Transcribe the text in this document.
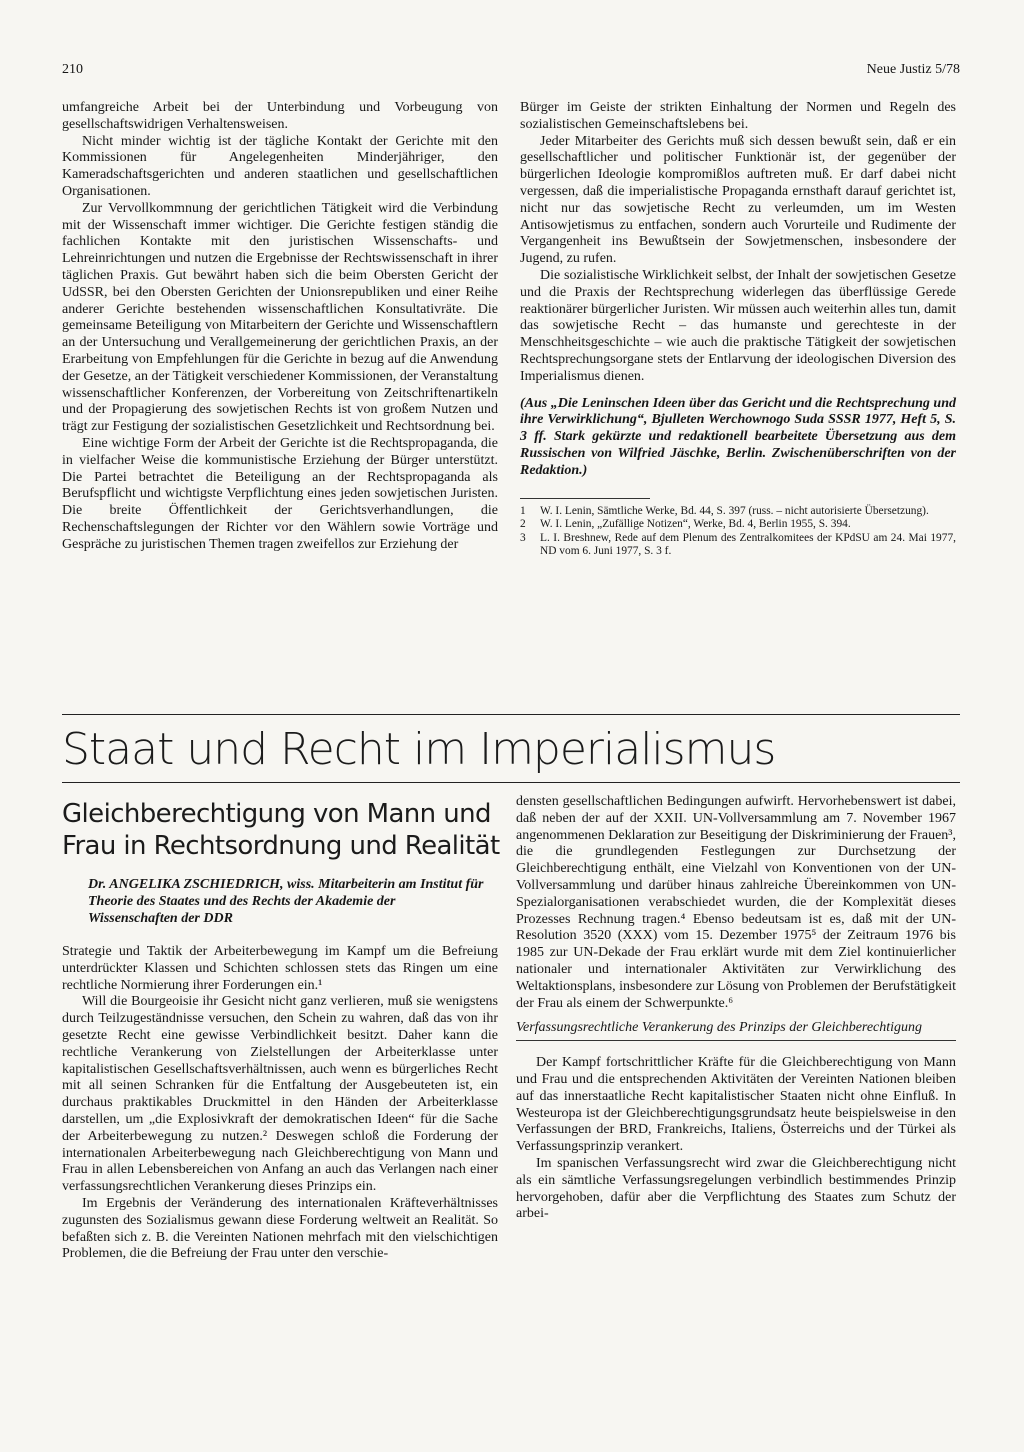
210	Neue Justiz 5/78

umfangreiche Arbeit bei der Unterbindung und Vorbeugung von gesellschaftswidrigen Verhaltensweisen.

Nicht minder wichtig ist der tägliche Kontakt der Gerichte mit den Kommissionen für Angelegenheiten Minderjähriger, den Kameradschaftsgerichten und anderen staatlichen und gesellschaftlichen Organisationen.

Zur Vervollkommnung der gerichtlichen Tätigkeit wird die Verbindung mit der Wissenschaft immer wichtiger. Die Gerichte festigen ständig die fachlichen Kontakte mit den juristischen Wissenschafts- und Lehreinrichtungen und nutzen die Ergebnisse der Rechtswissenschaft in ihrer täglichen Praxis. Gut bewährt haben sich die beim Obersten Gericht der UdSSR, bei den Obersten Gerichten der Unionsrepubliken und einer Reihe anderer Gerichte bestehenden wissenschaftlichen Konsultativräte. Die gemeinsame Beteiligung von Mitarbeitern der Gerichte und Wissenschaftlern an der Untersuchung und Verallgemeinerung der gerichtlichen Praxis, an der Erarbeitung von Empfehlungen für die Gerichte in bezug auf die Anwendung der Gesetze, an der Tätigkeit verschiedener Kommissionen, der Veranstaltung wissenschaftlicher Konferenzen, der Vorbereitung von Zeitschriftenartikeln und der Propagierung des sowjetischen Rechts ist von großem Nutzen und trägt zur Festigung der sozialistischen Gesetzlichkeit und Rechtsordnung bei.

Eine wichtige Form der Arbeit der Gerichte ist die Rechtspropaganda, die in vielfacher Weise die kommunistische Erziehung der Bürger unterstützt. Die Partei betrachtet die Beteiligung an der Rechtspropaganda als Berufspflicht und wichtigste Verpflichtung eines jeden sowjetischen Juristen. Die breite Öffentlichkeit der Gerichtsverhandlungen, die Rechenschaftslegungen der Richter vor den Wählern sowie Vorträge und Gespräche zu juristischen Themen tragen zweifellos zur Erziehung der

Bürger im Geiste der strikten Einhaltung der Normen und Regeln des sozialistischen Gemeinschaftslebens bei.

Jeder Mitarbeiter des Gerichts muß sich dessen bewußt sein, daß er ein gesellschaftlicher und politischer Funktionär ist, der gegenüber der bürgerlichen Ideologie kompromißlos auftreten muß. Er darf dabei nicht vergessen, daß die imperialistische Propaganda ernsthaft darauf gerichtet ist, nicht nur das sowjetische Recht zu verleumden, um im Westen Antisowjetismus zu entfachen, sondern auch Vorurteile und Rudimente der Vergangenheit ins Bewußtsein der Sowjetmenschen, insbesondere der Jugend, zu rufen.

Die sozialistische Wirklichkeit selbst, der Inhalt der sowjetischen Gesetze und die Praxis der Rechtsprechung widerlegen das überflüssige Gerede reaktionärer bürgerlicher Juristen. Wir müssen auch weiterhin alles tun, damit das sowjetische Recht – das humanste und gerechteste in der Menschheitsgeschichte – wie auch die praktische Tätigkeit der sowjetischen Rechtsprechungsorgane stets der Entlarvung der ideologischen Diversion des Imperialismus dienen.

(Aus „Die Leninschen Ideen über das Gericht und die Rechtsprechung und ihre Verwirklichung“, Bjulleten Werchownogo Suda SSSR 1977, Heft 5, S. 3 ff. Stark gekürzte und redaktionell bearbeitete Übersetzung aus dem Russischen von Wilfried Jäschke, Berlin. Zwischenüberschriften von der Redaktion.)

1	W. I. Lenin, Sämtliche Werke, Bd. 44, S. 397 (russ. – nicht autorisierte Übersetzung).
2	W. I. Lenin, „Zufällige Notizen“, Werke, Bd. 4, Berlin 1955, S. 394.
3	L. I. Breshnew, Rede auf dem Plenum des Zentralkomitees der KPdSU am 24. Mai 1977, ND vom 6. Juni 1977, S. 3 f.
Staat und Recht im Imperialismus
Gleichberechtigung von Mann und Frau in Rechtsordnung und Realität
Dr. ANGELIKA ZSCHIEDRICH, wiss. Mitarbeiterin am Institut für Theorie des Staates und des Rechts der Akademie der Wissenschaften der DDR

Strategie und Taktik der Arbeiterbewegung im Kampf um die Befreiung unterdrückter Klassen und Schichten schlossen stets das Ringen um eine rechtliche Normierung ihrer Forderungen ein.¹

Will die Bourgeoisie ihr Gesicht nicht ganz verlieren, muß sie wenigstens durch Teilzugeständnisse versuchen, den Schein zu wahren, daß das von ihr gesetzte Recht eine gewisse Verbindlichkeit besitzt. Daher kann die rechtliche Verankerung von Zielstellungen der Arbeiterklasse unter kapitalistischen Gesellschaftsverhältnissen, auch wenn es bürgerliches Recht mit all seinen Schranken für die Entfaltung der Ausgebeuteten ist, ein durchaus praktikables Druckmittel in den Händen der Arbeiterklasse darstellen, um „die Explosivkraft der demokratischen Ideen“ für die Sache der Arbeiterbewegung zu nutzen.² Deswegen schloß die Forderung der internationalen Arbeiterbewegung nach Gleichberechtigung von Mann und Frau in allen Lebensbereichen von Anfang an auch das Verlangen nach einer verfassungsrechtlichen Verankerung dieses Prinzips ein.

Im Ergebnis der Veränderung des internationalen Kräfteverhältnisses zugunsten des Sozialismus gewann diese Forderung weltweit an Realität. So befaßten sich z. B. die Vereinten Nationen mehrfach mit den vielschichtigen Problemen, die die Befreiung der Frau unter den verschie-

densten gesellschaftlichen Bedingungen aufwirft. Hervorhebenswert ist dabei, daß neben der auf der XXII. UN-Vollversammlung am 7. November 1967 angenommenen Deklaration zur Beseitigung der Diskriminierung der Frauen³, die die grundlegenden Festlegungen zur Durchsetzung der Gleichberechtigung enthält, eine Vielzahl von Konventionen von der UN-Vollversammlung und darüber hinaus zahlreiche Übereinkommen von UN-Spezialorganisationen verabschiedet wurden, die der Komplexität dieses Prozesses Rechnung tragen.⁴ Ebenso bedeutsam ist es, daß mit der UN-Resolution 3520 (XXX) vom 15. Dezember 1975⁵ der Zeitraum 1976 bis 1985 zur UN-Dekade der Frau erklärt wurde mit dem Ziel kontinuierlicher nationaler und internationaler Aktivitäten zur Verwirklichung des Weltaktionsplans, insbesondere zur Lösung von Problemen der Berufstätigkeit der Frau als einem der Schwerpunkte.⁶

Verfassungsrechtliche Verankerung des Prinzips der Gleichberechtigung

Der Kampf fortschrittlicher Kräfte für die Gleichberechtigung von Mann und Frau und die entsprechenden Aktivitäten der Vereinten Nationen bleiben auf das innerstaatliche Recht kapitalistischer Staaten nicht ohne Einfluß. In Westeuropa ist der Gleichberechtigungsgrundsatz heute beispielsweise in den Verfassungen der BRD, Frankreichs, Italiens, Österreichs und der Türkei als Verfassungsprinzip verankert.

Im spanischen Verfassungsrecht wird zwar die Gleichberechtigung nicht als ein sämtliche Verfassungsregelungen verbindlich bestimmendes Prinzip hervorgehoben, dafür aber die Verpflichtung des Staates zum Schutz der arbei-
